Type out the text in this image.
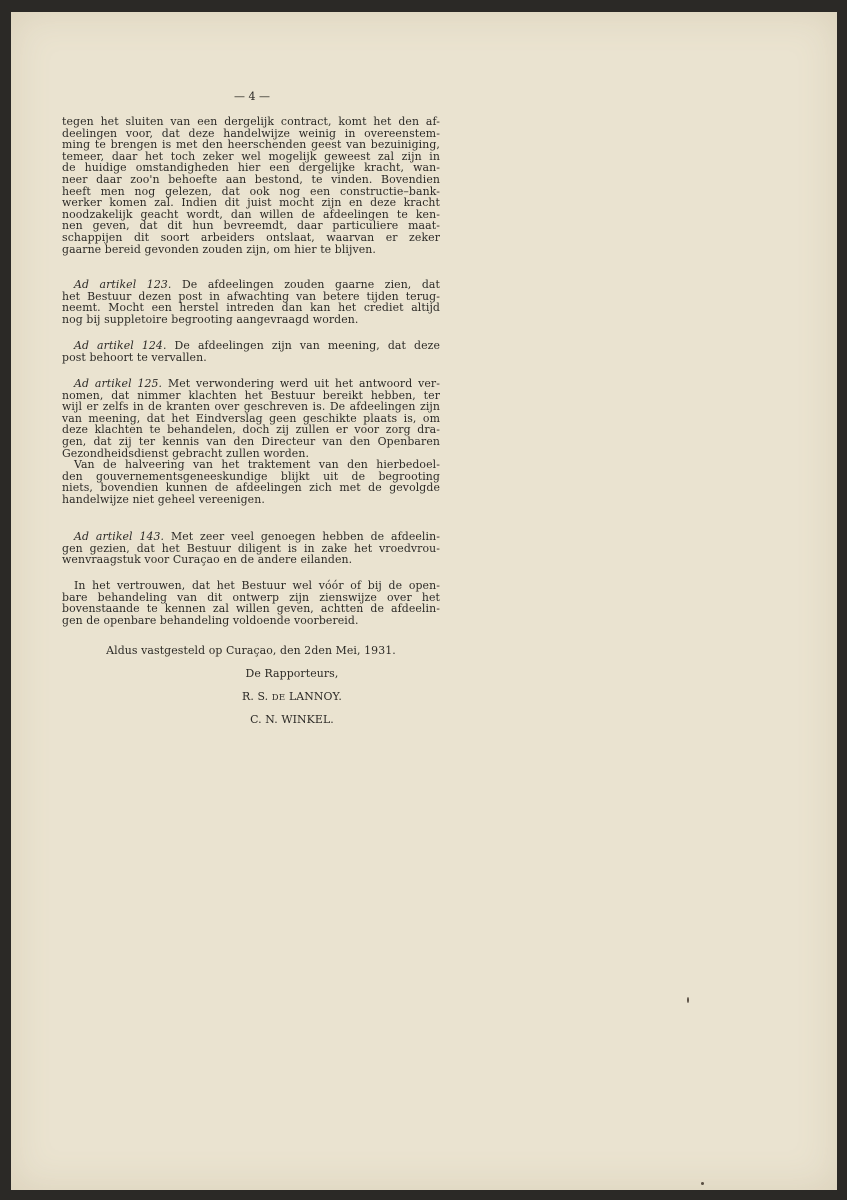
— 4 —
tegen het sluiten van een dergelijk contract, komt het den af-
deelingen voor, dat deze handelwijze weinig in overeenstem-
ming te brengen is met den heerschenden geest van bezuiniging,
temeer, daar het toch zeker wel mogelijk geweest zal zijn in
de huidige omstandigheden hier een dergelijke kracht, wan-
neer daar zoo'n behoefte aan bestond, te vinden. Bovendien
heeft men nog gelezen, dat ook nog een constructie–bank-
werker komen zal. Indien dit juist mocht zijn en deze kracht
noodzakelijk geacht wordt, dan willen de afdeelingen te ken-
nen geven, dat dit hun bevreemdt, daar particuliere maat-
schappijen dit soort arbeiders ontslaat, waarvan er zeker
gaarne bereid gevonden zouden zijn, om hier te blijven.
Ad artikel 123. De afdeelingen zouden gaarne zien, dat
het Bestuur dezen post in afwachting van betere tijden terug-
neemt. Mocht een herstel intreden dan kan het crediet altijd
nog bij suppletoire begrooting aangevraagd worden.
Ad artikel 124. De afdeelingen zijn van meening, dat deze
post behoort te vervallen.
Ad artikel 125. Met verwondering werd uit het antwoord ver-
nomen, dat nimmer klachten het Bestuur bereikt hebben, ter
wijl er zelfs in de kranten over geschreven is. De afdeelingen zijn
van meening, dat het Eindverslag geen geschikte plaats is, om
deze klachten te behandelen, doch zij zullen er voor zorg dra-
gen, dat zij ter kennis van den Directeur van den Openbaren
Gezondheidsdienst gebracht zullen worden.
Van de halveering van het traktement van den hierbedoel-
den gouvernementsgeneeskundige blijkt uit de begrooting
niets, bovendien kunnen de afdeelingen zich met de gevolgde
handelwijze niet geheel vereenigen.
Ad artikel 143. Met zeer veel genoegen hebben de afdeelin-
gen gezien, dat het Bestuur diligent is in zake het vroedvrou-
wenvraagstuk voor Curaçao en de andere eilanden.
In het vertrouwen, dat het Bestuur wel vóór of bij de open-
bare behandeling van dit ontwerp zijn zienswijze over het
bovenstaande te kennen zal willen geven, achtten de afdeelin-
gen de openbare behandeling voldoende voorbereid.

Aldus vastgesteld op Curaçao, den 2den Mei, 1931.

De Rapporteurs,

R. S. DE LANNOY.

C. N. WINKEL.
